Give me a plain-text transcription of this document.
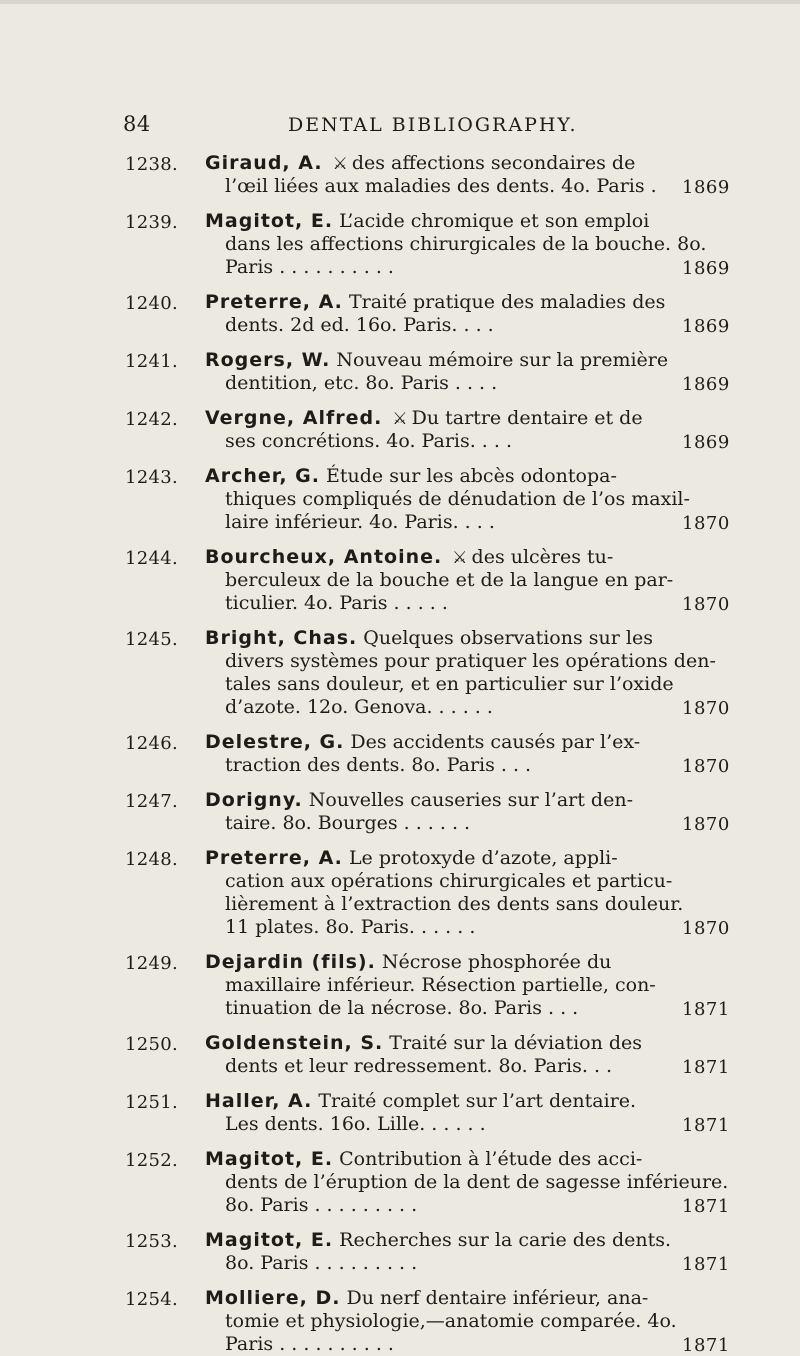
84	DENTAL BIBLIOGRAPHY.
1238. Giraud, A. ⚔ des affections secondaires de
l’œil liées aux maladies des dents. 4o. Paris . 1869
1239. Magitot, E. L’acide chromique et son emploi
dans les affections chirurgicales de la bouche. 8o.
Paris . . . . . . . . . .	1869
1240. Preterre, A. Traité pratique des maladies des
dents. 2d ed. 16o. Paris. . . .	1869
1241. Rogers, W. Nouveau mémoire sur la première
dentition, etc. 8o. Paris . . . .	1869
1242. Vergne, Alfred. ⚔ Du tartre dentaire et de
ses concrétions. 4o. Paris. . . .	1869
1243. Archer, G. Étude sur les abcès odontopa-
thiques compliqués de dénudation de l’os maxil-
laire inférieur. 4o. Paris. . . .	1870
1244. Bourcheux, Antoine. ⚔ des ulcères tu-
berculeux de la bouche et de la langue en par-
ticulier. 4o. Paris . . . . .	1870
1245. Bright, Chas. Quelques observations sur les
divers systèmes pour pratiquer les opérations den-
tales sans douleur, et en particulier sur l’oxide
d’azote. 12o. Genova. . . . . .	1870
1246. Delestre, G. Des accidents causés par l’ex-
traction des dents. 8o. Paris . . .	1870
1247. Dorigny. Nouvelles causeries sur l’art den-
taire. 8o. Bourges . . . . . .	1870
1248. Preterre, A. Le protoxyde d’azote, appli-
cation aux opérations chirurgicales et particu-
lièrement à l’extraction des dents sans douleur.
11 plates. 8o. Paris. . . . . .	1870
1249. Dejardin (fils). Nécrose phosphorée du
maxillaire inférieur. Résection partielle, con-
tinuation de la nécrose. 8o. Paris . . .	1871
1250. Goldenstein, S. Traité sur la déviation des
dents et leur redressement. 8o. Paris. . .	1871
1251. Haller, A. Traité complet sur l’art dentaire.
Les dents. 16o. Lille. . . . . .	1871
1252. Magitot, E. Contribution à l’étude des acci-
dents de l’éruption de la dent de sagesse inférieure.
8o. Paris . . . . . . . . .	1871
1253. Magitot, E. Recherches sur la carie des dents.
8o. Paris . . . . . . . . .	1871
1254. Molliere, D. Du nerf dentaire inférieur, ana-
tomie et physiologie,—anatomie comparée. 4o.
Paris . . . . . . . . . .	1871
